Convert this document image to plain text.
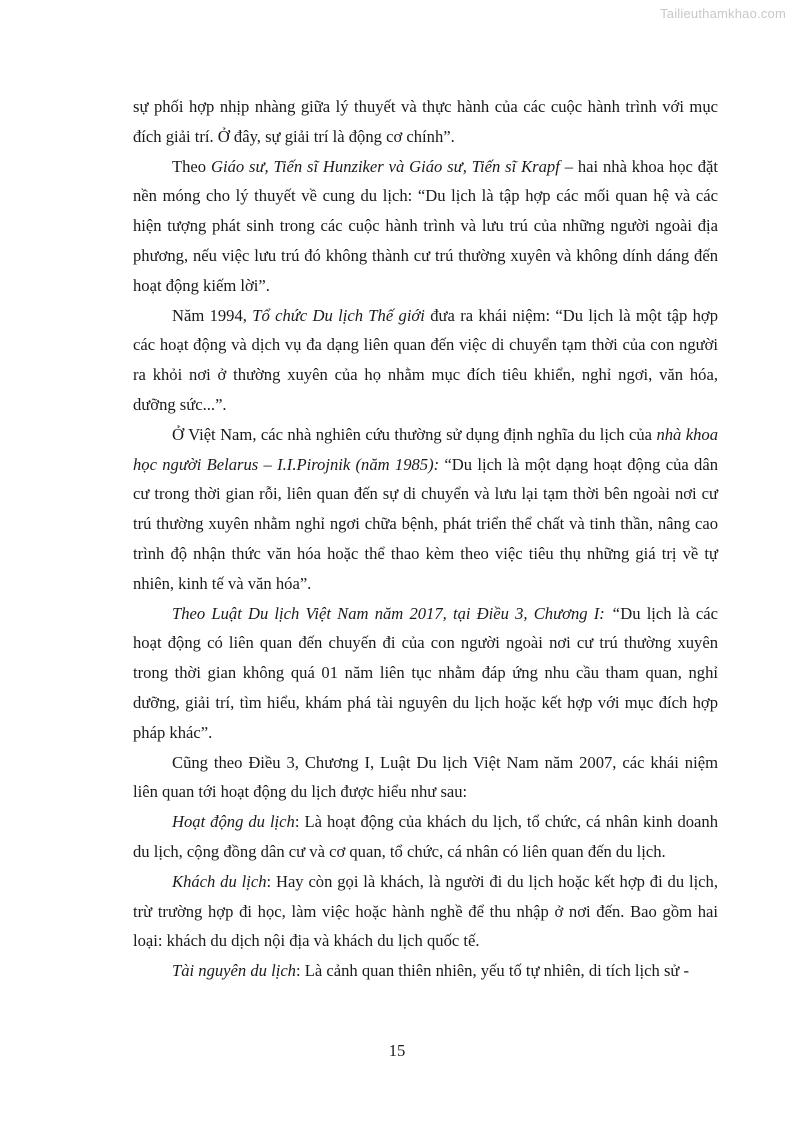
Tailieuthamkhao.com

sự phối hợp nhịp nhàng giữa lý thuyết và thực hành của các cuộc hành trình với mục đích giải trí. Ở đây, sự giải trí là động cơ chính”.

Theo Giáo sư, Tiến sĩ Hunziker và Giáo sư, Tiến sĩ Krapf – hai nhà khoa học đặt nền móng cho lý thuyết về cung du lịch: “Du lịch là tập hợp các mối quan hệ và các hiện tượng phát sinh trong các cuộc hành trình và lưu trú của những người ngoài địa phương, nếu việc lưu trú đó không thành cư trú thường xuyên và không dính dáng đến hoạt động kiếm lời”.

Năm 1994, Tổ chức Du lịch Thế giới đưa ra khái niệm: “Du lịch là một tập hợp các hoạt động và dịch vụ đa dạng liên quan đến việc di chuyển tạm thời của con người ra khỏi nơi ở thường xuyên của họ nhằm mục đích tiêu khiển, nghỉ ngơi, văn hóa, dưỡng sức...”.

Ở Việt Nam, các nhà nghiên cứu thường sử dụng định nghĩa du lịch của nhà khoa học người Belarus – I.I.Pirojnik (năm 1985): “Du lịch là một dạng hoạt động của dân cư trong thời gian rỗi, liên quan đến sự di chuyển và lưu lại tạm thời bên ngoài nơi cư trú thường xuyên nhằm nghỉ ngơi chữa bệnh, phát triển thể chất và tinh thần, nâng cao trình độ nhận thức văn hóa hoặc thể thao kèm theo việc tiêu thụ những giá trị về tự nhiên, kinh tế và văn hóa”.

Theo Luật Du lịch Việt Nam năm 2017, tại Điều 3, Chương I: “Du lịch là các hoạt động có liên quan đến chuyến đi của con người ngoài nơi cư trú thường xuyên trong thời gian không quá 01 năm liên tục nhằm đáp ứng nhu cầu tham quan, nghỉ dưỡng, giải trí, tìm hiểu, khám phá tài nguyên du lịch hoặc kết hợp với mục đích hợp pháp khác”.

Cũng theo Điều 3, Chương I, Luật Du lịch Việt Nam năm 2007, các khái niệm liên quan tới hoạt động du lịch được hiểu như sau:

Hoạt động du lịch: Là hoạt động của khách du lịch, tổ chức, cá nhân kinh doanh du lịch, cộng đồng dân cư và cơ quan, tổ chức, cá nhân có liên quan đến du lịch.

Khách du lịch: Hay còn gọi là khách, là người đi du lịch hoặc kết hợp đi du lịch, trừ trường hợp đi học, làm việc hoặc hành nghề để thu nhập ở nơi đến. Bao gồm hai loại: khách du dịch nội địa và khách du lịch quốc tế.

Tài nguyên du lịch: Là cảnh quan thiên nhiên, yếu tố tự nhiên, di tích lịch sử -

15
